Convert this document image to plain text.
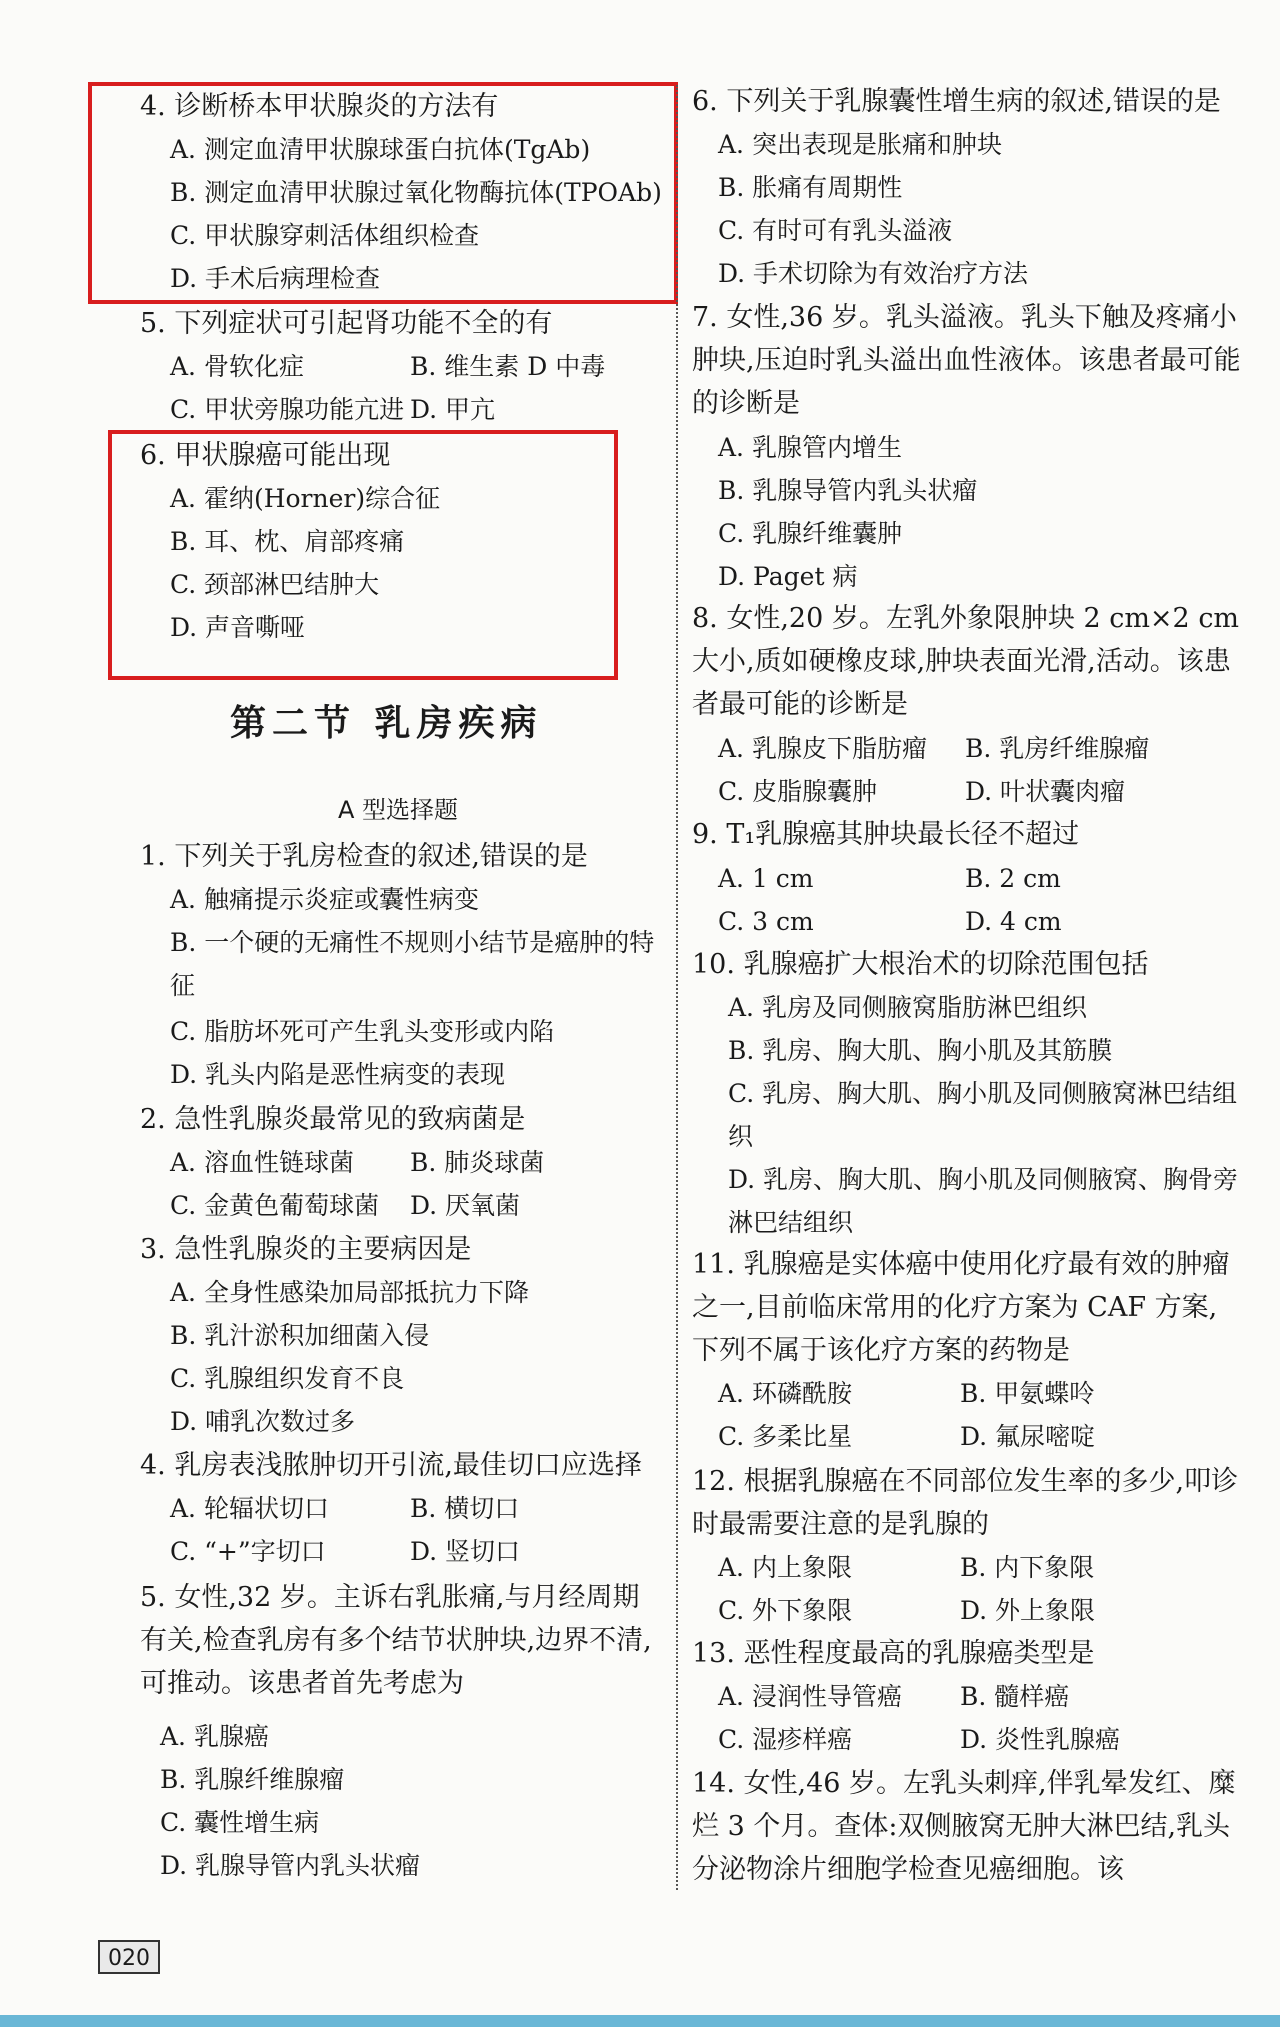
4. 诊断桥本甲状腺炎的方法有
A. 测定血清甲状腺球蛋白抗体(TgAb)
B. 测定血清甲状腺过氧化物酶抗体(TPOAb)
C. 甲状腺穿刺活体组织检查
D. 手术后病理检查
5. 下列症状可引起肾功能不全的有
A. 骨软化症	B. 维生素 D 中毒
C. 甲状旁腺功能亢进 D. 甲亢
6. 甲状腺癌可能出现
A. 霍纳(Horner)综合征
B. 耳、枕、肩部疼痛
C. 颈部淋巴结肿大
D. 声音嘶哑
第二节 乳房疾病
A 型选择题
1. 下列关于乳房检查的叙述,错误的是
A. 触痛提示炎症或囊性病变
B. 一个硬的无痛性不规则小结节是癌肿的特征
C. 脂肪坏死可产生乳头变形或内陷
D. 乳头内陷是恶性病变的表现
2. 急性乳腺炎最常见的致病菌是
A. 溶血性链球菌 B. 肺炎球菌
C. 金黄色葡萄球菌 D. 厌氧菌
3. 急性乳腺炎的主要病因是
A. 全身性感染加局部抵抗力下降
B. 乳汁淤积加细菌入侵
C. 乳腺组织发育不良
D. 哺乳次数过多
4. 乳房表浅脓肿切开引流,最佳切口应选择
A. 轮辐状切口	B. 横切口
C. “+”字切口	D. 竖切口
5. 女性,32 岁。主诉右乳胀痛,与月经周期有关,检查乳房有多个结节状肿块,边界不清,可推动。该患者首先考虑为
A. 乳腺癌
B. 乳腺纤维腺瘤
C. 囊性增生病
D. 乳腺导管内乳头状瘤
6. 下列关于乳腺囊性增生病的叙述,错误的是
A. 突出表现是胀痛和肿块
B. 胀痛有周期性
C. 有时可有乳头溢液
D. 手术切除为有效治疗方法
7. 女性,36 岁。乳头溢液。乳头下触及疼痛小肿块,压迫时乳头溢出血性液体。该患者最可能的诊断是
A. 乳腺管内增生
B. 乳腺导管内乳头状瘤
C. 乳腺纤维囊肿
D. Paget 病
8. 女性,20 岁。左乳外象限肿块 2 cm×2 cm 大小,质如硬橡皮球,肿块表面光滑,活动。该患者最可能的诊断是
A. 乳腺皮下脂肪瘤 B. 乳房纤维腺瘤
C. 皮脂腺囊肿	D. 叶状囊肉瘤
9. T₁乳腺癌其肿块最长径不超过
A. 1 cm	B. 2 cm
C. 3 cm	D. 4 cm
10. 乳腺癌扩大根治术的切除范围包括
A. 乳房及同侧腋窝脂肪淋巴组织
B. 乳房、胸大肌、胸小肌及其筋膜
C. 乳房、胸大肌、胸小肌及同侧腋窝淋巴结组织
D. 乳房、胸大肌、胸小肌及同侧腋窝、胸骨旁淋巴结组织
11. 乳腺癌是实体癌中使用化疗最有效的肿瘤之一,目前临床常用的化疗方案为 CAF 方案,下列不属于该化疗方案的药物是
A. 环磷酰胺	B. 甲氨蝶呤
C. 多柔比星	D. 氟尿嘧啶
12. 根据乳腺癌在不同部位发生率的多少,叩诊时最需要注意的是乳腺的
A. 内上象限	B. 内下象限
C. 外下象限	D. 外上象限
13. 恶性程度最高的乳腺癌类型是
A. 浸润性导管癌 B. 髓样癌
C. 湿疹样癌	D. 炎性乳腺癌
14. 女性,46 岁。左乳头刺痒,伴乳晕发红、糜烂 3 个月。查体:双侧腋窝无肿大淋巴结,乳头分泌物涂片细胞学检查见癌细胞。该
020
